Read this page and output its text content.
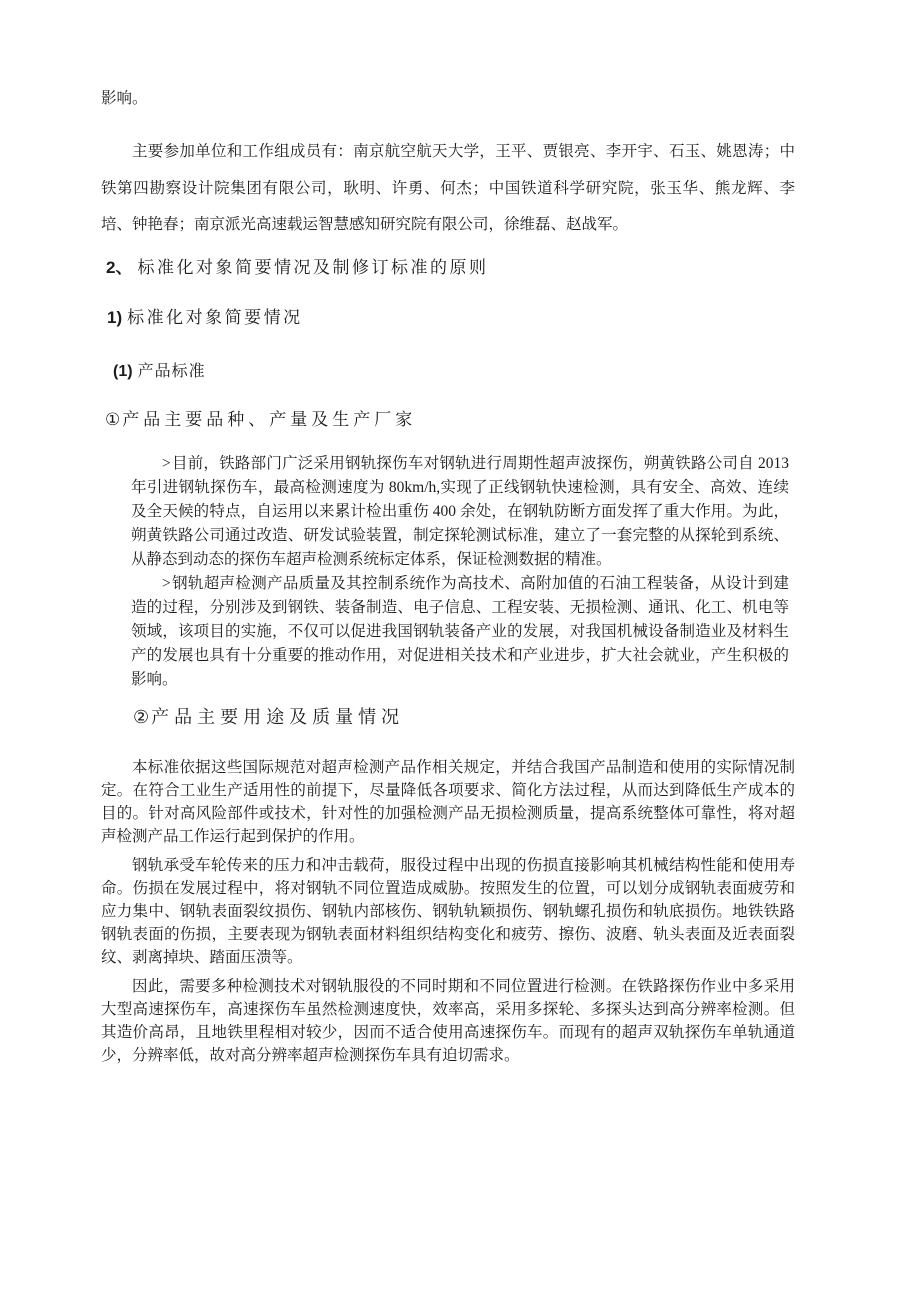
影响。

主要参加单位和工作组成员有：南京航空航天大学，王平、贾银亮、李开宇、石玉、姚恩涛；中铁第四勘察设计院集团有限公司，耿明、许勇、何杰；中国铁道科学研究院，张玉华、熊龙辉、李培、钟艳春；南京派光高速载运智慧感知研究院有限公司，徐维磊、赵战军。

2、 标准化对象简要情况及制修订标准的原则
1) 标准化对象简要情况
(1) 产品标准
① 产品主要品种、产量及生产厂家

>目前，铁路部门广泛采用钢轨探伤车对钢轨进行周期性超声波探伤，朔黄铁路公司自 2013 年引进钢轨探伤车，最高检测速度为 80km/h,实现了正线钢轨快速检测，具有安全、高效、连续及全天候的特点，自运用以来累计检出重伤 400 余处，在钢轨防断方面发挥了重大作用。为此，朔黄铁路公司通过改造、研发试验装置，制定探轮测试标准，建立了一套完整的从探轮到系统、从静态到动态的探伤车超声检测系统标定体系，保证检测数据的精准。

>钢轨超声检测产品质量及其控制系统作为高技术、高附加值的石油工程装备，从设计到建造的过程，分别涉及到钢铁、装备制造、电子信息、工程安装、无损检测、通讯、化工、机电等领域，该项目的实施，不仅可以促进我国钢轨装备产业的发展，对我国机械设备制造业及材料生产的发展也具有十分重要的推动作用，对促进相关技术和产业进步，扩大社会就业，产生积极的影响。

② 产品主要用途及质量情况

本标准依据这些国际规范对超声检测产品作相关规定，并结合我国产品制造和使用的实际情况制定。在符合工业生产适用性的前提下，尽量降低各项要求、简化方法过程，从而达到降低生产成本的目的。针对高风险部件或技术，针对性的加强检测产品无损检测质量，提高系统整体可靠性，将对超声检测产品工作运行起到保护的作用。

钢轨承受车轮传来的压力和冲击载荷，服役过程中出现的伤损直接影响其机械结构性能和使用寿命。伤损在发展过程中，将对钢轨不同位置造成威胁。按照发生的位置，可以划分成钢轨表面疲劳和应力集中、钢轨表面裂纹损伤、钢轨内部核伤、钢轨轨颖损伤、钢轨螺孔损伤和轨底损伤。地铁铁路钢轨表面的伤损，主要表现为钢轨表面材料组织结构变化和疲劳、擦伤、波磨、轨头表面及近表面裂纹、剥离掉块、踏面压溃等。

因此，需要多种检测技术对钢轨服役的不同时期和不同位置进行检测。在铁路探伤作业中多采用大型高速探伤车，高速探伤车虽然检测速度快，效率高，采用多探轮、多探头达到高分辨率检测。但其造价高昂，且地铁里程相对较少，因而不适合使用高速探伤车。而现有的超声双轨探伤车单轨通道少，分辨率低，故对高分辨率超声检测探伤车具有迫切需求。
